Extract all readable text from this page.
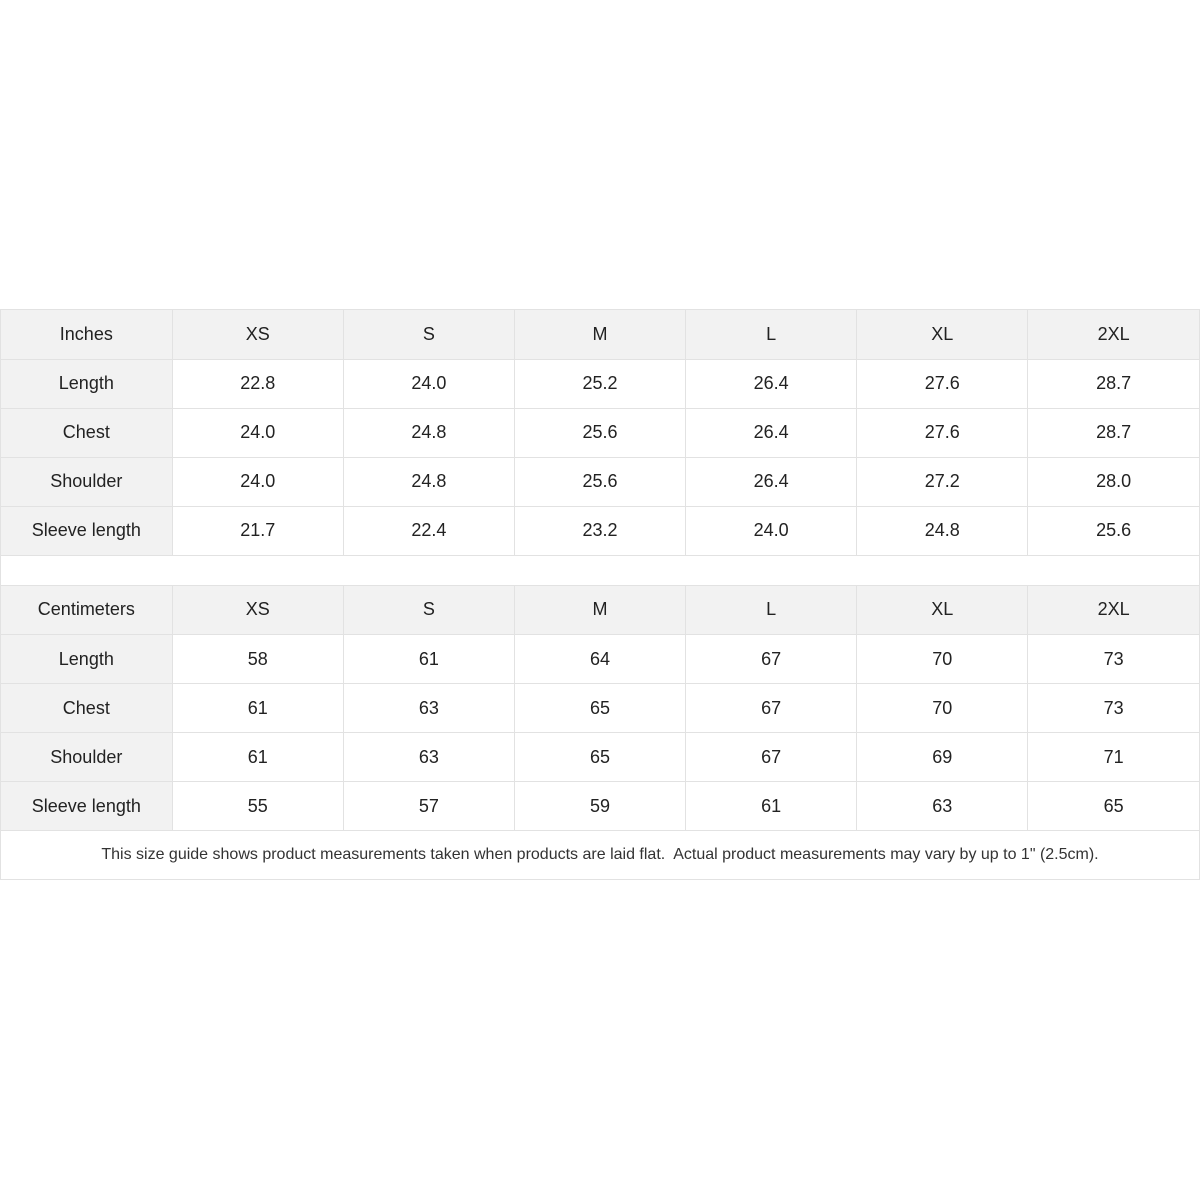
Inches	XS	S	M	L	XL	2XL
Length	22.8	24.0	25.2	26.4	27.6	28.7
Chest	24.0	24.8	25.6	26.4	27.6	28.7
Shoulder	24.0	24.8	25.6	26.4	27.2	28.0
Sleeve length	21.7	22.4	23.2	24.0	24.8	25.6
Centimeters	XS	S	M	L	XL	2XL
Length	58	61	64	67	70	73
Chest	61	63	65	67	70	73
Shoulder	61	63	65	67	69	71
Sleeve length	55	57	59	61	63	65
This size guide shows product measurements taken when products are laid flat.  Actual product measurements may vary by up to 1" (2.5cm).
